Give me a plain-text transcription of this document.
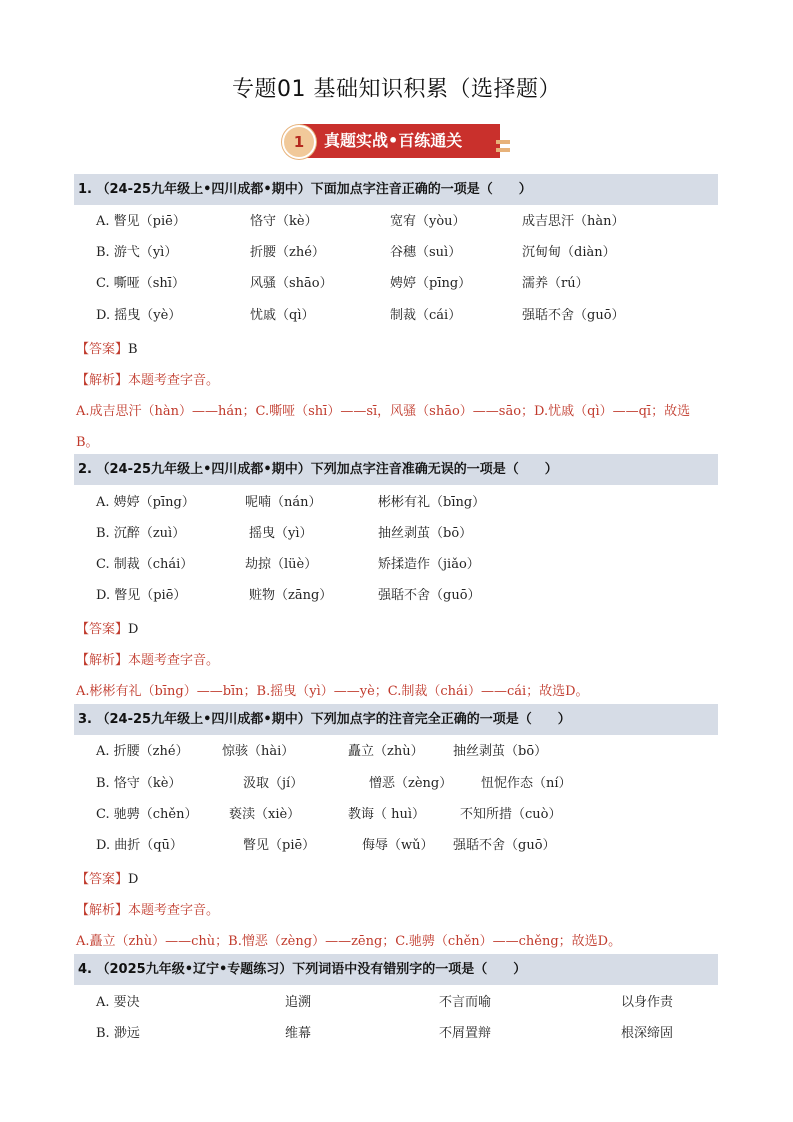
专题01 基础知识积累（选择题）
真题实战•百练通关
1
1. （24-25九年级上•四川成都•期中）下面加点字注音正确的一项是（　　）
A. 瞥见（piē）	恪守（kè）	宽宥（yòu）	成吉思汗（hàn）
B. 游弋（yì）	折腰（zhé）	谷穗（suì）	沉甸甸（diàn）
C. 嘶哑（shī）	风骚（shāo）	娉婷（pīng）	濡养（rú）
D. 摇曳（yè）	忧戚（qì）	制裁（cái）	强聒不舍（guō）
【答案】B
【解析】本题考查字音。
A.成吉思汗（hàn）——hán；C.嘶哑（shī）——sī，风骚（shāo）——sāo；D.忧戚（qì）——qī；故选
B。
2. （24-25九年级上•四川成都•期中）下列加点字注音准确无误的一项是（　　）
A. 娉婷（pīng）	呢喃（nán）	彬彬有礼（bīng）
B. 沉醉（zuì）	摇曳（yì）	抽丝剥茧（bō）
C. 制裁（chái）	劫掠（lüè）	矫揉造作（jiǎo）
D. 瞥见（piē）	赃物（zāng）	强聒不舍（guō）
【答案】D
【解析】本题考查字音。
A.彬彬有礼（bīng）——bīn；B.摇曳（yì）——yè；C.制裁（chái）——cái；故选D。
3. （24-25九年级上•四川成都•期中）下列加点字的注音完全正确的一项是（　　）
A. 折腰（zhé）	惊骇（hài）	矗立（zhù） 抽丝剥茧（bō）
B. 恪守（kè）	汲取（jí）	憎恶（zèng） 忸怩作态（ní）
C. 驰骋（chěn） 亵渎（xiè）	教诲（ huì）	不知所措（cuò）
D. 曲折（qū）	瞥见（piē）	侮辱（wǔ） 强聒不舍（guō）
【答案】D
【解析】本题考查字音。
A.矗立（zhù）——chù；B.憎恶（zèng）——zēng；C.驰骋（chěn）——chěng；故选D。
4. （2025九年级•辽宁•专题练习）下列词语中没有错别字的一项是（　　）
A. 要决	追溯	不言而喻	以身作责
B. 渺远	维幕	不屑置辩	根深缔固
